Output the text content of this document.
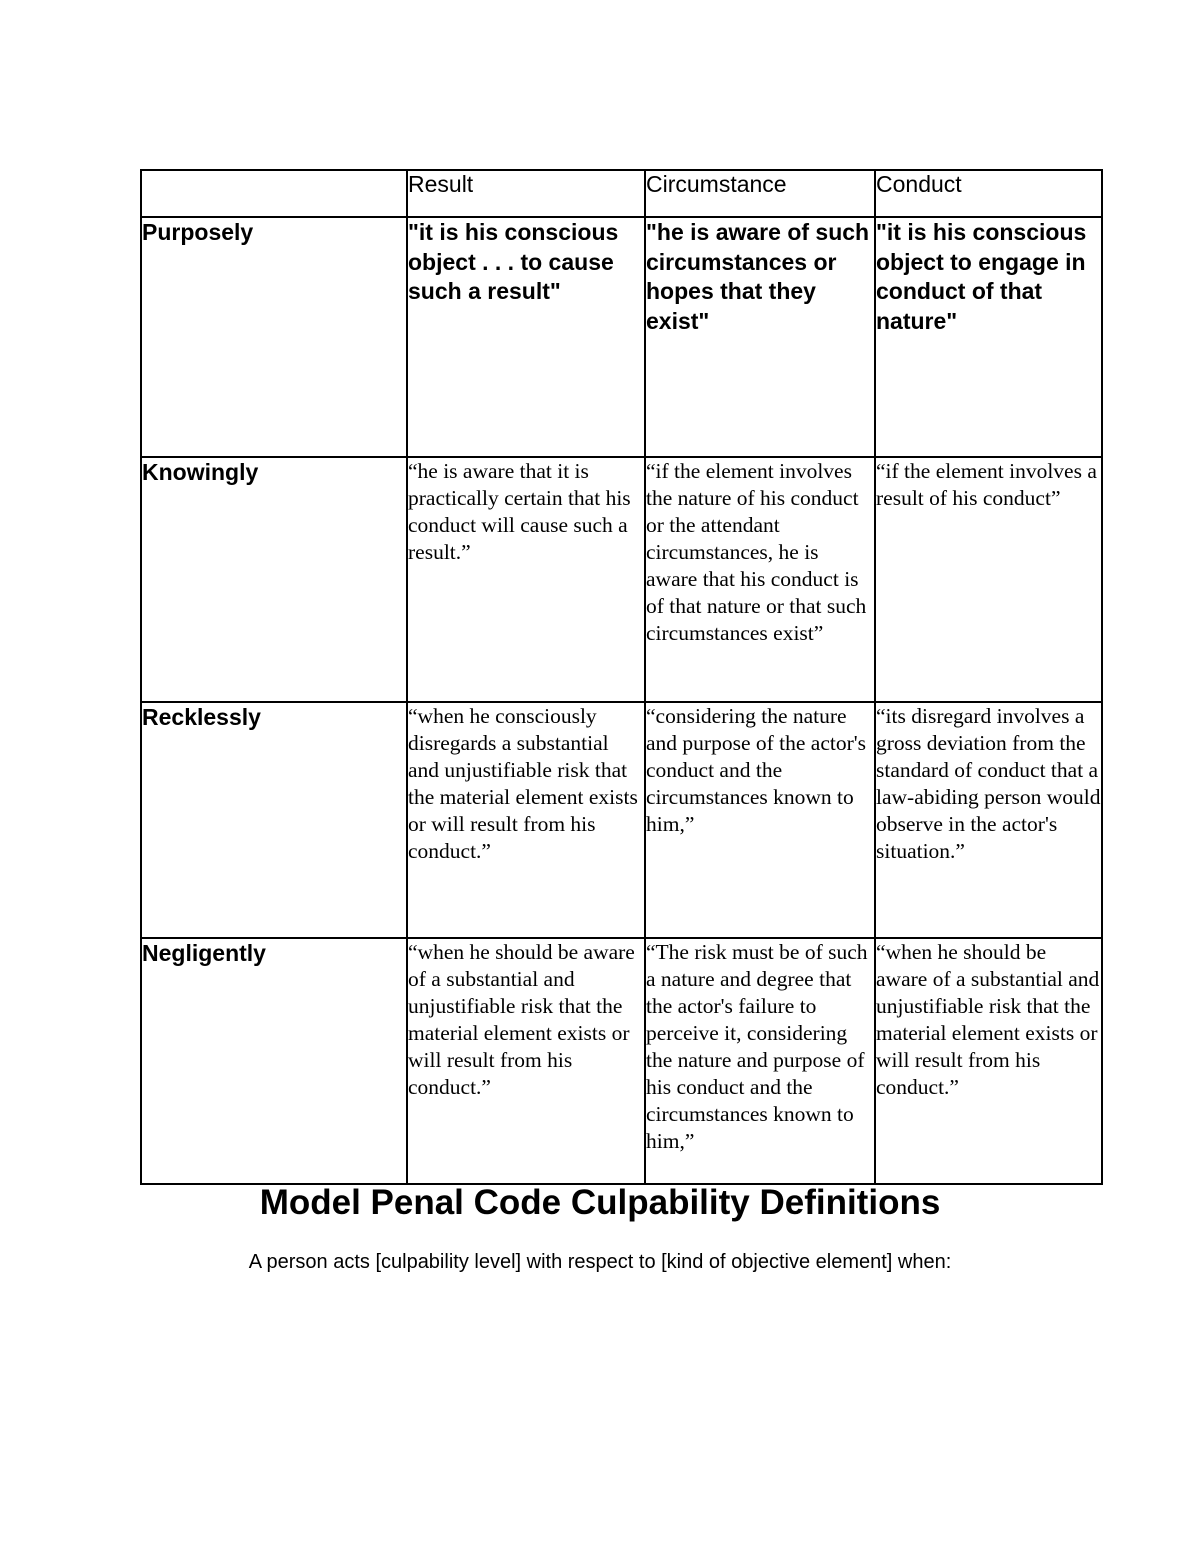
	Result	Circumstance	Conduct
Purposely	"it is his conscious object . . . to cause such a result"	"he is aware of such circumstances or hopes that they exist"	"it is his conscious object to engage in conduct of that nature"
Knowingly	“he is aware that it is practically certain that his conduct will cause such a result.”	“if the element involves the nature of his conduct or the attendant circumstances, he is aware that his conduct is of that nature or that such circumstances exist”	“if the element involves a result of his conduct”
Recklessly	“when he consciously disregards a substantial and unjustifiable risk that the material element exists or will result from his conduct.”	“considering the nature and purpose of the actor's conduct and the circumstances known to him,”	“its disregard involves a gross deviation from the standard of conduct that a law-abiding person would observe in the actor's situation.”
Negligently	“when he should be aware of a substantial and unjustifiable risk that the material element exists or will result from his conduct.”	“The risk must be of such a nature and degree that the actor's failure to perceive it, considering the nature and purpose of his conduct and the circumstances known to him,”	“when he should be aware of a substantial and unjustifiable risk that the material element exists or will result from his conduct.”
Model Penal Code Culpability Definitions

A person acts [culpability level] with respect to [kind of objective element] when:
